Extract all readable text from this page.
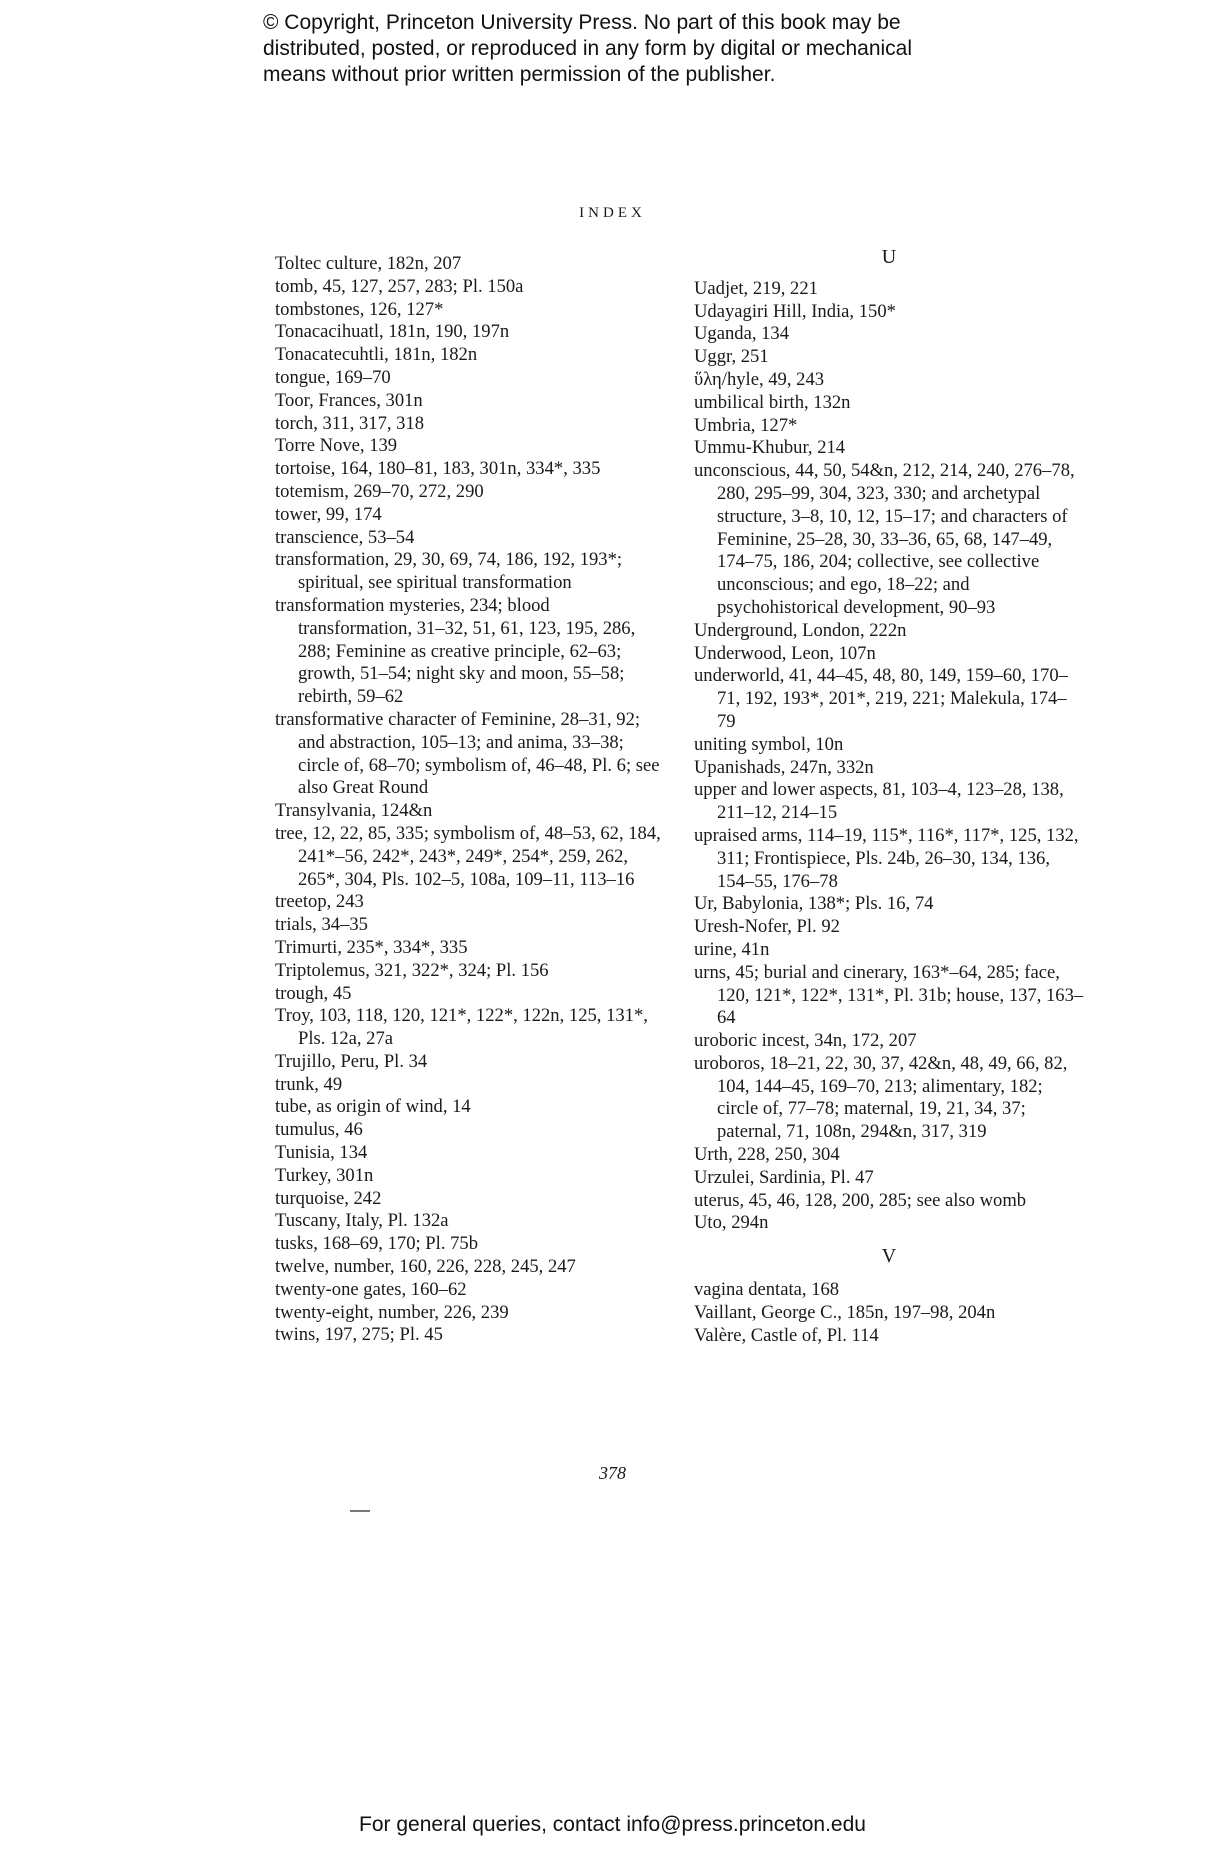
© Copyright, Princeton University Press. No part of this book may be
distributed, posted, or reproduced in any form by digital or mechanical
means without prior written permission of the publisher.
INDEX
Toltec culture, 182n, 207
tomb, 45, 127, 257, 283; Pl. 150a
tombstones, 126, 127*
Tonacacihuatl, 181n, 190, 197n
Tonacatecuhtli, 181n, 182n
tongue, 169–70
Toor, Frances, 301n
torch, 311, 317, 318
Torre Nove, 139
tortoise, 164, 180–81, 183, 301n, 334*, 335
totemism, 269–70, 272, 290
tower, 99, 174
transcience, 53–54
transformation, 29, 30, 69, 74, 186, 192, 193*; spiritual, see spiritual transformation
transformation mysteries, 234; blood transformation, 31–32, 51, 61, 123, 195, 286, 288; Feminine as creative principle, 62–63; growth, 51–54; night sky and moon, 55–58; rebirth, 59–62
transformative character of Feminine, 28–31, 92; and abstraction, 105–13; and anima, 33–38; circle of, 68–70; symbolism of, 46–48, Pl. 6; see also Great Round
Transylvania, 124&n
tree, 12, 22, 85, 335; symbolism of, 48–53, 62, 184, 241*–56, 242*, 243*, 249*, 254*, 259, 262, 265*, 304, Pls. 102–5, 108a, 109–11, 113–16
treetop, 243
trials, 34–35
Trimurti, 235*, 334*, 335
Triptolemus, 321, 322*, 324; Pl. 156
trough, 45
Troy, 103, 118, 120, 121*, 122*, 122n, 125, 131*, Pls. 12a, 27a
Trujillo, Peru, Pl. 34
trunk, 49
tube, as origin of wind, 14
tumulus, 46
Tunisia, 134
Turkey, 301n
turquoise, 242
Tuscany, Italy, Pl. 132a
tusks, 168–69, 170; Pl. 75b
twelve, number, 160, 226, 228, 245, 247
twenty-one gates, 160–62
twenty-eight, number, 226, 239
twins, 197, 275; Pl. 45
U
Uadjet, 219, 221
Udayagiri Hill, India, 150*
Uganda, 134
Uggr, 251
ὕλη/hyle, 49, 243
umbilical birth, 132n
Umbria, 127*
Ummu-Khubur, 214
unconscious, 44, 50, 54&n, 212, 214, 240, 276–78, 280, 295–99, 304, 323, 330; and archetypal structure, 3–8, 10, 12, 15–17; and characters of Feminine, 25–28, 30, 33–36, 65, 68, 147–49, 174–75, 186, 204; collective, see collective unconscious; and ego, 18–22; and psychohistorical development, 90–93
Underground, London, 222n
Underwood, Leon, 107n
underworld, 41, 44–45, 48, 80, 149, 159–60, 170–71, 192, 193*, 201*, 219, 221; Malekula, 174–79
uniting symbol, 10n
Upanishads, 247n, 332n
upper and lower aspects, 81, 103–4, 123–28, 138, 211–12, 214–15
upraised arms, 114–19, 115*, 116*, 117*, 125, 132, 311; Frontispiece, Pls. 24b, 26–30, 134, 136, 154–55, 176–78
Ur, Babylonia, 138*; Pls. 16, 74
Uresh-Nofer, Pl. 92
urine, 41n
urns, 45; burial and cinerary, 163*–64, 285; face, 120, 121*, 122*, 131*, Pl. 31b; house, 137, 163–64
uroboric incest, 34n, 172, 207
uroboros, 18–21, 22, 30, 37, 42&n, 48, 49, 66, 82, 104, 144–45, 169–70, 213; alimentary, 182; circle of, 77–78; maternal, 19, 21, 34, 37; paternal, 71, 108n, 294&n, 317, 319
Urth, 228, 250, 304
Urzulei, Sardinia, Pl. 47
uterus, 45, 46, 128, 200, 285; see also womb
Uto, 294n
V
vagina dentata, 168
Vaillant, George C., 185n, 197–98, 204n
Valère, Castle of, Pl. 114
378
For general queries, contact info@press.princeton.edu
